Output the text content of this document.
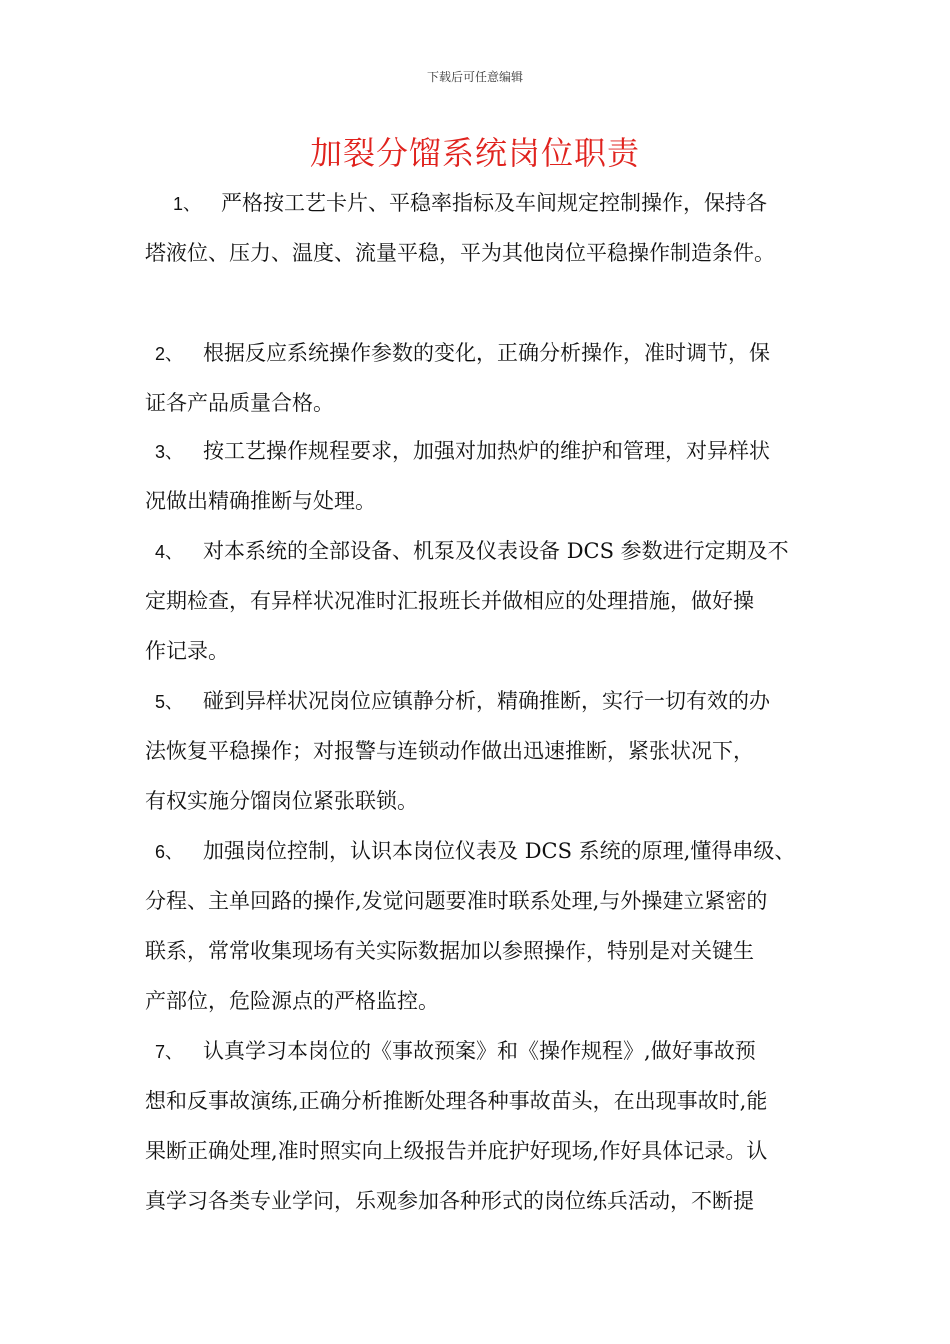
下载后可任意编辑
加裂分馏系统岗位职责
1、 严格按工艺卡片、平稳率指标及车间规定控制操作，保持各
塔液位、压力、温度、流量平稳，平为其他岗位平稳操作制造条件。
2、 根据反应系统操作参数的变化，正确分析操作，准时调节，保
证各产品质量合格。
3、 按工艺操作规程要求，加强对加热炉的维护和管理，对异样状
况做出精确推断与处理。
4、 对本系统的全部设备、机泵及仪表设备 DCS 参数进行定期及不
定期检查，有异样状况准时汇报班长并做相应的处理措施，做好操
作记录。
5、 碰到异样状况岗位应镇静分析，精确推断，实行一切有效的办
法恢复平稳操作；对报警与连锁动作做出迅速推断，紧张状况下，
有权实施分馏岗位紧张联锁。
6、 加强岗位控制，认识本岗位仪表及 DCS 系统的原理,懂得串级、
分程、主单回路的操作,发觉问题要准时联系处理,与外操建立紧密的
联系，常常收集现场有关实际数据加以参照操作，特别是对关键生
产部位，危险源点的严格监控。
7、 认真学习本岗位的《事故预案》和《操作规程》,做好事故预
想和反事故演练,正确分析推断处理各种事故苗头，在出现事故时,能
果断正确处理,准时照实向上级报告并庇护好现场,作好具体记录。认
真学习各类专业学问，乐观参加各种形式的岗位练兵活动，不断提
